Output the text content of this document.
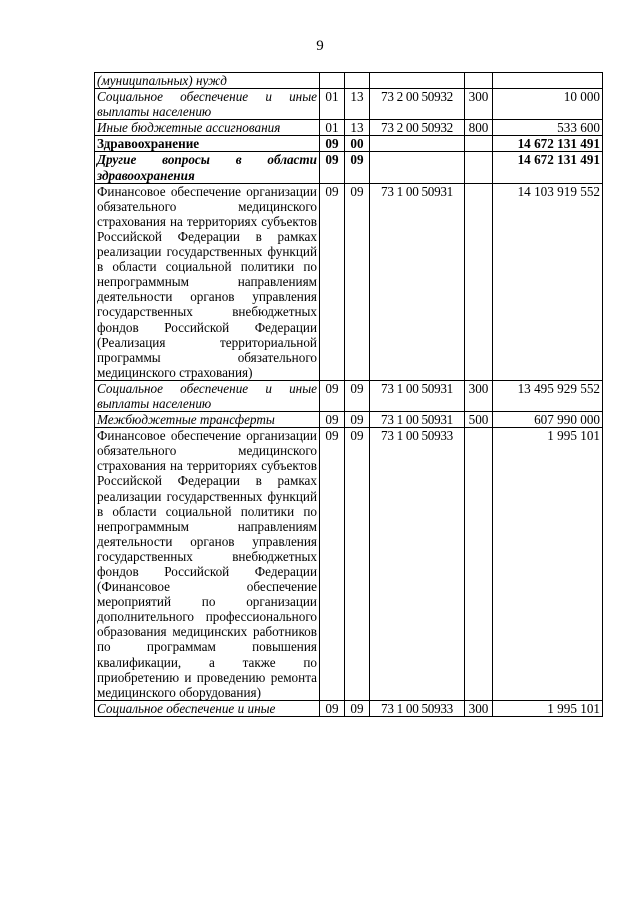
9
(муниципальных) нужд					
Социальное обеспечение и иные выплаты населению	01	13	73 2 00 50932	300	10 000
Иные бюджетные ассигнования	01	13	73 2 00 50932	800	533 600
Здравоохранение	09	00			14 672 131 491
Другие вопросы в области здравоохранения	09	09			14 672 131 491
Финансовое обеспечение организации обязательного медицинского страхования на территориях субъектов Российской Федерации в рамках реализации государственных функций в области социальной политики по непрограммным направлениям деятельности органов управления государственных внебюджетных фондов Российской Федерации (Реализация территориальной программы обязательного медицинского страхования)	09	09	73 1 00 50931		14 103 919 552
Социальное обеспечение и иные выплаты населению	09	09	73 1 00 50931	300	13 495 929 552
Межбюджетные трансферты	09	09	73 1 00 50931	500	607 990 000
Финансовое обеспечение организации обязательного медицинского страхования на территориях субъектов Российской Федерации в рамках реализации государственных функций в области социальной политики по непрограммным направлениям деятельности органов управления государственных внебюджетных фондов Российской Федерации (Финансовое обеспечение мероприятий по организации дополнительного профессионального образования медицинских работников по программам повышения квалификации, а также по приобретению и проведению ремонта медицинского оборудования)	09	09	73 1 00 50933		1 995 101
Социальное обеспечение и иные	09	09	73 1 00 50933	300	1 995 101
